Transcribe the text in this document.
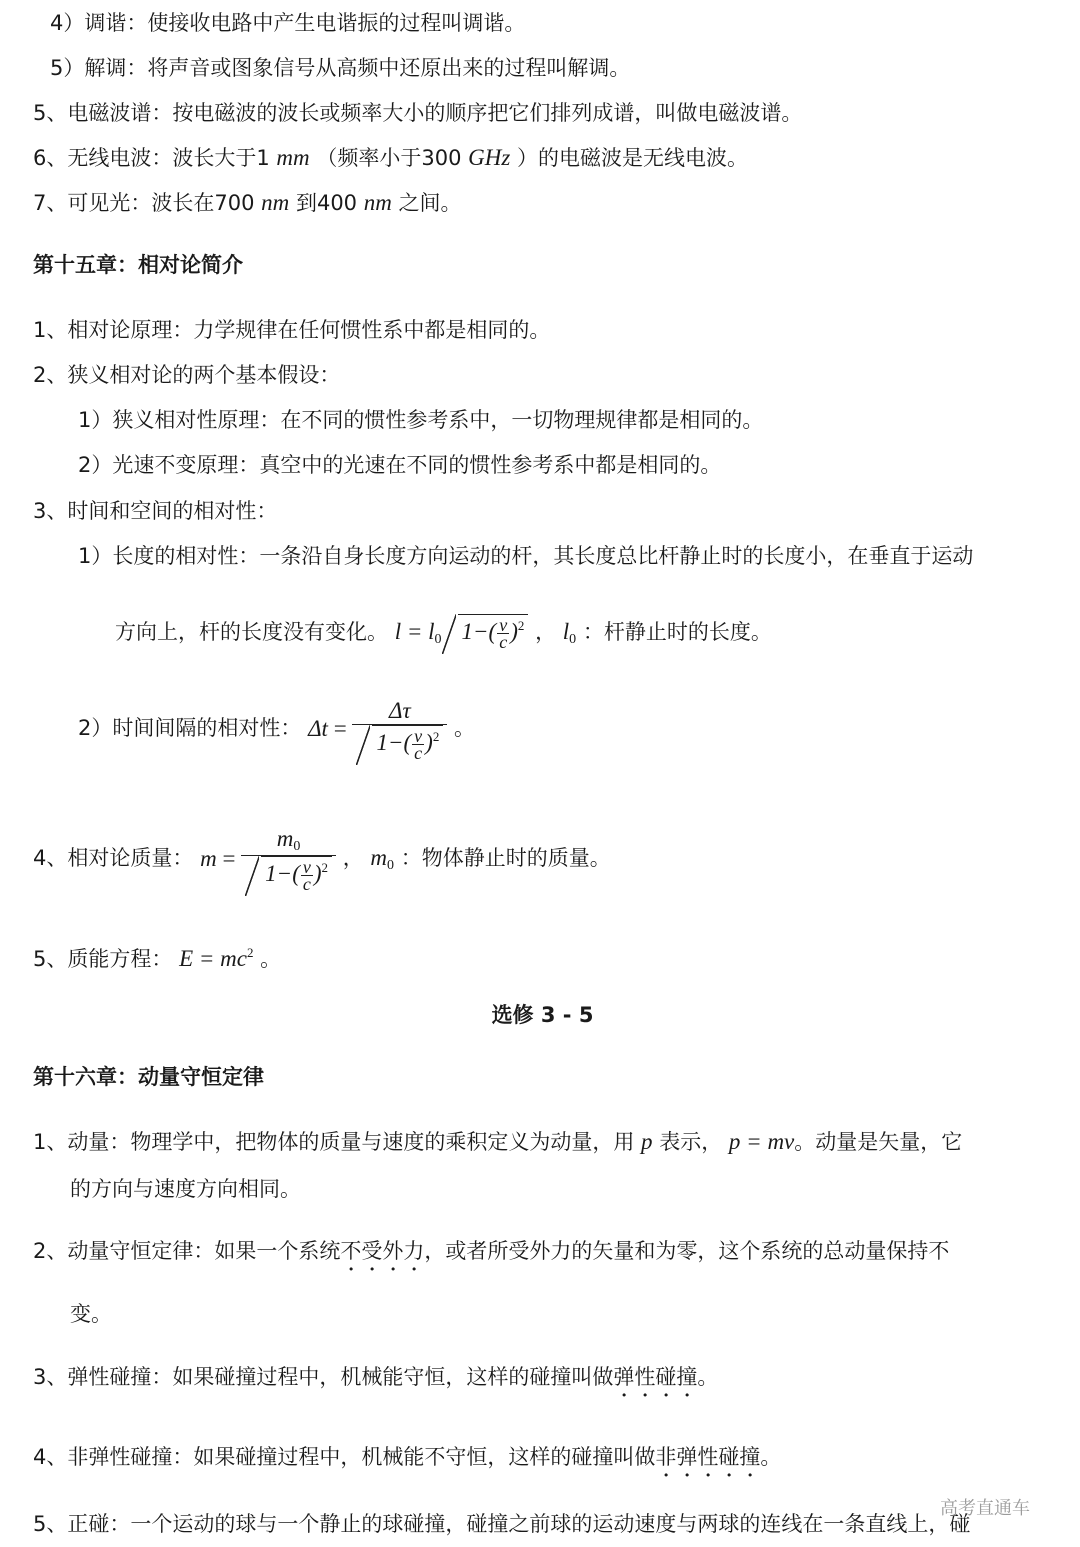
4）调谐：使接收电路中产生电谐振的过程叫调谐。
5）解调：将声音或图象信号从高频中还原出来的过程叫解调。
5、电磁波谱：按电磁波的波长或频率大小的顺序把它们排列成谱，叫做电磁波谱。
6、无线电波：波长大于1 mm （频率小于300 GHz ）的电磁波是无线电波。
7、可见光：波长在700 nm 到400 nm 之间。
第十五章：相对论简介
1、相对论原理：力学规律在任何惯性系中都是相同的。
2、狭义相对论的两个基本假设：
1）狭义相对性原理：在不同的惯性参考系中，一切物理规律都是相同的。
2）光速不变原理：真空中的光速在不同的惯性参考系中都是相同的。
3、时间和空间的相对性：
1）长度的相对性：一条沿自身长度方向运动的杆，其长度总比杆静止时的长度小，在垂直于运动
方向上，杆的长度没有变化。 $l = l_0$ $1-( \frac{v}{c} )^2$ ， $l_0$ ：杆静止时的长度。
2）时间间隔的相对性： Δt
=
$\frac{\Delta\tau}{1-( \frac{v}{c} )^2}$ 。
4、相对论质量： m
=
$\frac{m_0}{1-( \frac{v}{c} )^2}$ ， $m_0$ ：物体静止时的质量。
5、质能方程： $E = mc^2$ 。
选修 3 - 5
第十六章：动量守恒定律
1、动量：物理学中，把物体的质量与速度的乘积定义为动量，用 p 表示， p = mv。动量是矢量，它
的方向与速度方向相同。
2、动量守恒定律：如果一个系统不受外力，或者所受外力的矢量和为零，这个系统的总动量保持不
变。
3、弹性碰撞：如果碰撞过程中，机械能守恒，这样的碰撞叫做弹性碰撞。
4、非弹性碰撞：如果碰撞过程中，机械能不守恒，这样的碰撞叫做非弹性碰撞。
5、正碰：一个运动的球与一个静止的球碰撞，碰撞之前球的运动速度与两球的连线在一条直线上，碰
高考直通车
